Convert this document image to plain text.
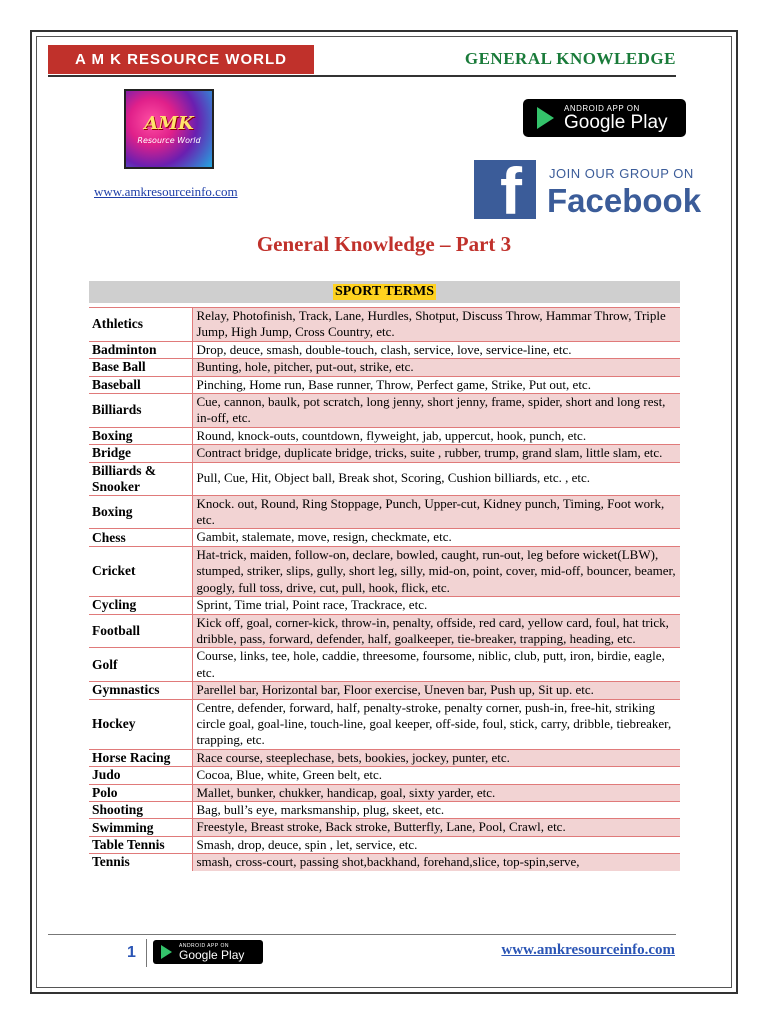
A M K RESOURCE WORLD	GENERAL KNOWLEDGE
AMK
Resource World
www.amkresourceinfo.com
ANDROID APP ON
Google Play
f JOIN OUR GROUP ON
Facebook
General Knowledge – Part 3
SPORT TERMS
Athletics	Relay, Photofinish, Track, Lane, Hurdles, Shotput, Discuss Throw, Hammar Throw, Triple Jump, High Jump, Cross Country, etc.
Badminton	Drop, deuce, smash, double-touch, clash, service, love, service-line, etc.
Base Ball	Bunting, hole, pitcher, put-out, strike, etc.
Baseball	Pinching, Home run, Base runner, Throw, Perfect game, Strike, Put out, etc.
Billiards	Cue, cannon, baulk, pot scratch, long jenny, short jenny, frame, spider, short and long rest, in-off, etc.
Boxing	Round, knock-outs, countdown, flyweight, jab, uppercut, hook, punch, etc.
Bridge	Contract bridge, duplicate bridge, tricks, suite , rubber, trump, grand slam, little slam, etc.
Billiards & Snooker	Pull, Cue, Hit, Object ball, Break shot, Scoring, Cushion billiards, etc. , etc.
Boxing	Knock. out, Round, Ring Stoppage, Punch, Upper-cut, Kidney punch, Timing, Foot work, etc.
Chess	Gambit, stalemate, move, resign, checkmate, etc.
Cricket	Hat-trick, maiden, follow-on, declare, bowled, caught, run-out, leg before wicket(LBW), stumped, striker, slips, gully, short leg, silly, mid-on, point, cover, mid-off, bouncer, beamer, googly, full toss, drive, cut, pull, hook, flick, etc.
Cycling	Sprint, Time trial, Point race, Trackrace, etc.
Football	Kick off, goal, corner-kick, throw-in, penalty, offside, red card, yellow card, foul, hat trick, dribble, pass, forward, defender, half, goalkeeper, tie-breaker, trapping, heading, etc.
Golf	Course, links, tee, hole, caddie, threesome, foursome, niblic, club, putt, iron, birdie, eagle, etc.
Gymnastics	Parellel bar, Horizontal bar, Floor exercise, Uneven bar, Push up, Sit up. etc.
Hockey	Centre, defender, forward, half, penalty-stroke, penalty corner, push-in, free-hit, striking circle goal, goal-line, touch-line, goal keeper, off-side, foul, stick, carry, dribble, tiebreaker, trapping, etc.
Horse Racing	Race course, steeplechase, bets, bookies, jockey, punter, etc.
Judo	Cocoa, Blue, white, Green belt, etc.
Polo	Mallet, bunker, chukker, handicap, goal, sixty yarder, etc.
Shooting	Bag, bull’s eye, marksmanship, plug, skeet, etc.
Swimming	Freestyle, Breast stroke, Back stroke, Butterfly, Lane, Pool, Crawl, etc.
Table Tennis	Smash, drop, deuce, spin , let, service, etc.
Tennis	smash, cross-court, passing shot,backhand, forehand,slice, top-spin,serve,
1	ANDROID APP ON
Google Play	www.amkresourceinfo.com
